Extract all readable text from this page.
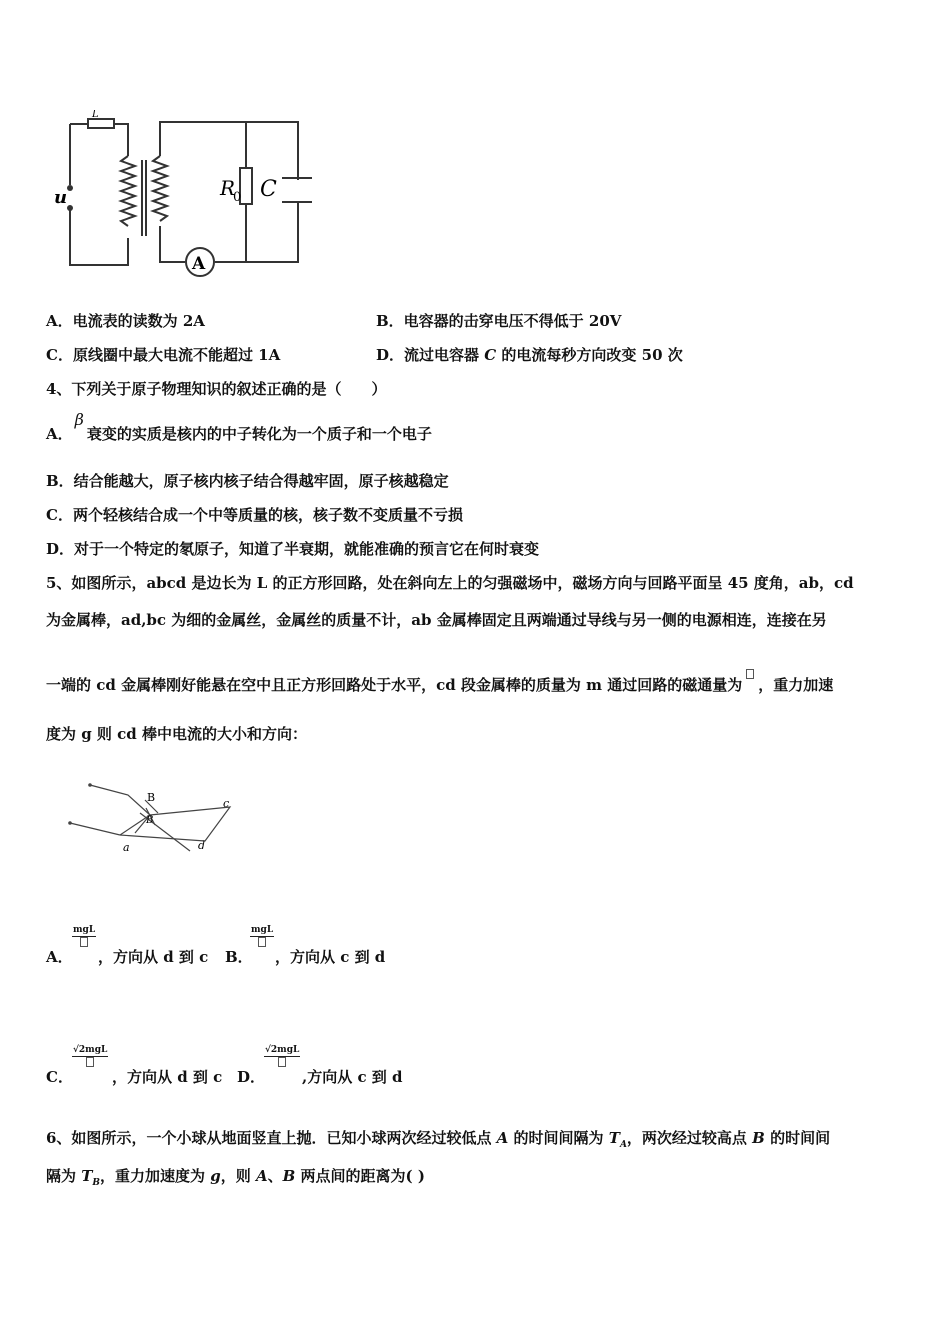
L
u	R
0 C
A
A．电流表的读数为 2A	B．电容器的击穿电压不得低于 20V
C．原线圈中最大电流不能超过 1A	D．流过电容器 C 的电流每秒方向改变 50 次
4、下列关于原子物理知识的叙述正确的是（　　）
A．β衰变的实质是核内的中子转化为一个质子和一个电子
B．结合能越大，原子核内核子结合得越牢固，原子核越稳定
C．两个轻核结合成一个中等质量的核，核子数不变质量不亏损
D．对于一个特定的氡原子，知道了半衰期，就能准确的预言它在何时衰变
5、如图所示，abcd 是边长为 L 的正方形回路，处在斜向左上的匀强磁场中，磁场方向与回路平面呈 45 度角，ab，cd
为金属棒，ad,bc 为细的金属丝，金属丝的质量不计，ab 金属棒固定且两端通过导线与另一侧的电源相连，连接在另
一端的 cd 金属棒刚好能悬在空中且正方形回路处于水平，cd 段金属棒的质量为 m 通过回路的磁通量为 ，重力加速
度为 g 则 cd 棒中电流的大小和方向：
B
B
c
d
a
A．
mgL
，方向从 d 到 c B．
mgL
，方向从 c 到 d
C．
√2mgL
，方向从 d 到 c D．
√2mgL
,方向从 c 到 d
6、如图所示，一个小球从地面竖直上抛．已知小球两次经过较低点 A 的时间间隔为 $T_A$，两次经过较高点 B 的时间间
隔为 $T_B$，重力加速度为 g，则 A、B 两点间的距离为( )
